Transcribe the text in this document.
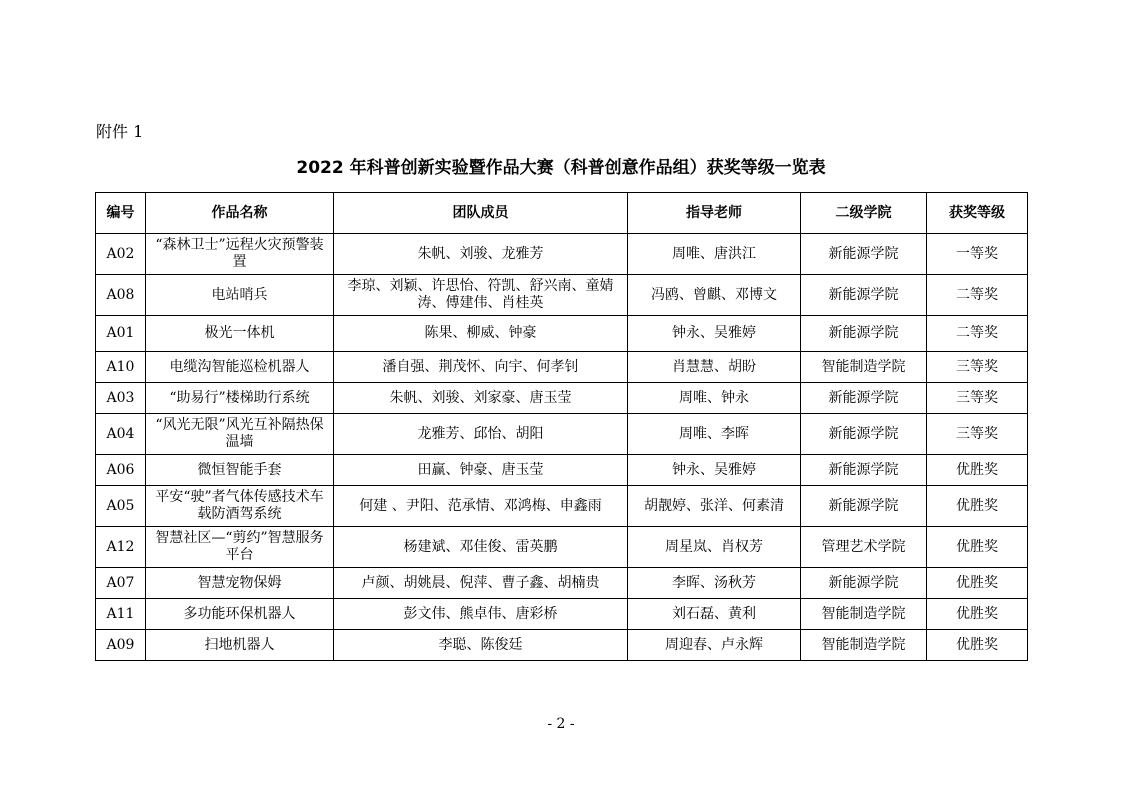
附件 1
2022 年科普创新实验暨作品大赛（科普创意作品组）获奖等级一览表
编号	作品名称	团队成员	指导老师	二级学院	获奖等级
A02	“森林卫士”远程火灾预警装置	朱帆、刘骏、龙雅芳	周唯、唐洪江	新能源学院	一等奖
A08	电站哨兵	李琼、刘颖、许思怡、符凯、舒兴南、童婧涛、傅建伟、肖桂英	冯鸥、曾麒、邓博文	新能源学院	二等奖
A01	极光一体机	陈果、柳威、钟豪	钟永、吴雅婷	新能源学院	二等奖
A10	电缆沟智能巡检机器人	潘自强、荆茂怀、向宇、何孝钊	肖慧慧、胡盼	智能制造学院	三等奖
A03	“助易行”楼梯助行系统	朱帆、刘骏、刘家豪、唐玉莹	周唯、钟永	新能源学院	三等奖
A04	“风光无限”风光互补隔热保温墙	龙雅芳、邱怡、胡阳	周唯、李晖	新能源学院	三等奖
A06	微恒智能手套	田赢、钟豪、唐玉莹	钟永、吴雅婷	新能源学院	优胜奖
A05	平安“驶”者气体传感技术车载防酒驾系统	何建 、尹阳、范承情、邓鸿梅、申鑫雨	胡靓婷、张洋、何素清	新能源学院	优胜奖
A12	智慧社区—“剪约”智慧服务平台	杨建斌、邓佳俊、雷英鹏	周星岚、肖权芳	管理艺术学院	优胜奖
A07	智慧宠物保姆	卢颜、胡姚晨、倪萍、曹子鑫、胡楠贵	李晖、汤秋芳	新能源学院	优胜奖
A11	多功能环保机器人	彭文伟、熊卓伟、唐彩桥	刘石磊、黄利	智能制造学院	优胜奖
A09	扫地机器人	李聪、陈俊廷	周迎春、卢永辉	智能制造学院	优胜奖
- 2 -
